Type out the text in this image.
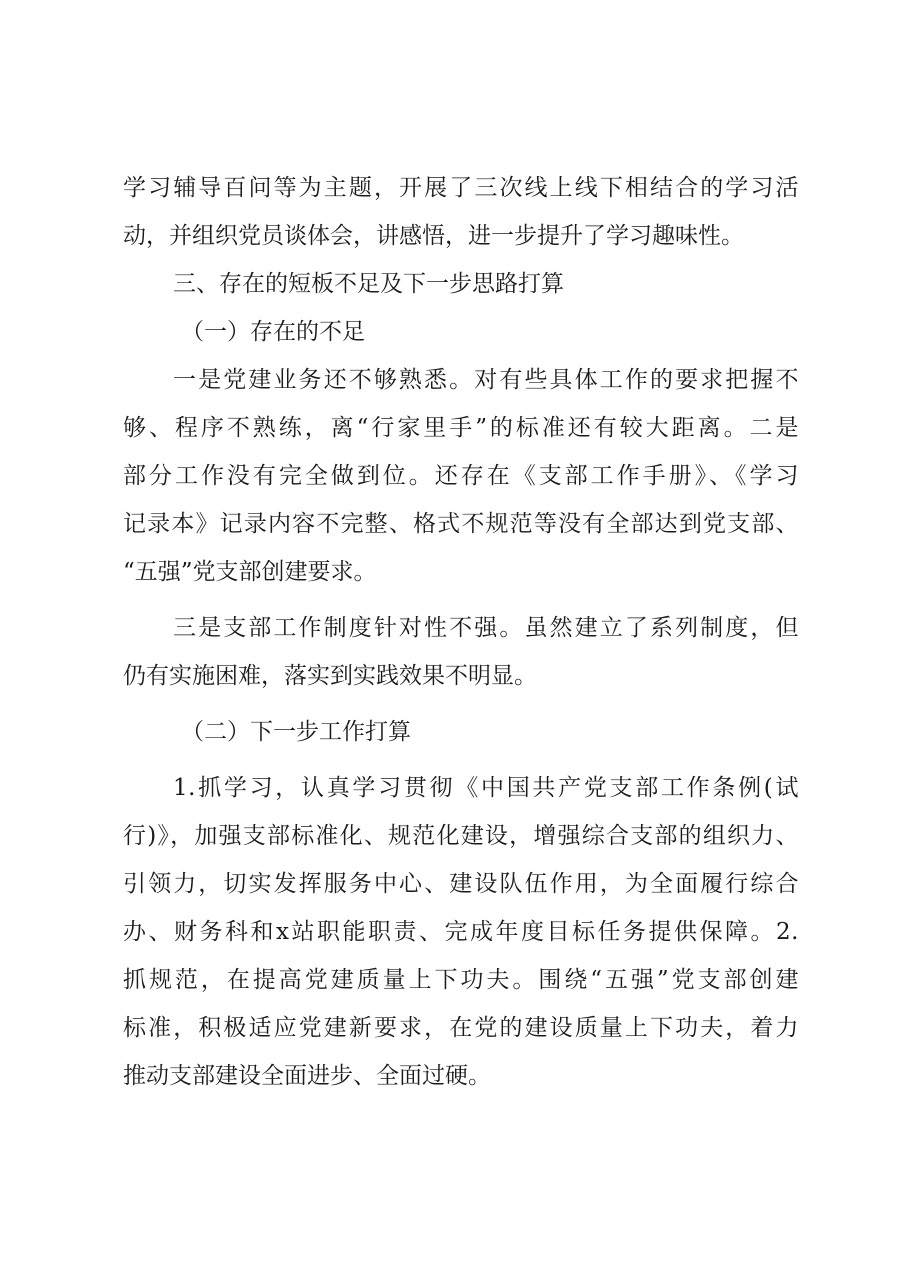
学习辅导百问等为主题，开展了三次线上线下相结合的学习活
动，并组织党员谈体会，讲感悟，进一步提升了学习趣味性。
三、存在的短板不足及下一步思路打算
（一）存在的不足
一是党建业务还不够熟悉。对有些具体工作的要求把握不
够、程序不熟练，离“行家里手”的标准还有较大距离。二是
部分工作没有完全做到位。还存在《支部工作手册》、《学习
记录本》记录内容不完整、格式不规范等没有全部达到党支部、
“五强”党支部创建要求。
三是支部工作制度针对性不强。虽然建立了系列制度，但
仍有实施困难，落实到实践效果不明显。
（二）下一步工作打算
1.抓学习，认真学习贯彻《中国共产党支部工作条例(试
行)》，加强支部标准化、规范化建设，增强综合支部的组织力、
引领力，切实发挥服务中心、建设队伍作用，为全面履行综合
办、财务科和x站职能职责、完成年度目标任务提供保障。2.
抓规范，在提高党建质量上下功夫。围绕“五强”党支部创建
标准，积极适应党建新要求，在党的建设质量上下功夫，着力
推动支部建设全面进步、全面过硬。
